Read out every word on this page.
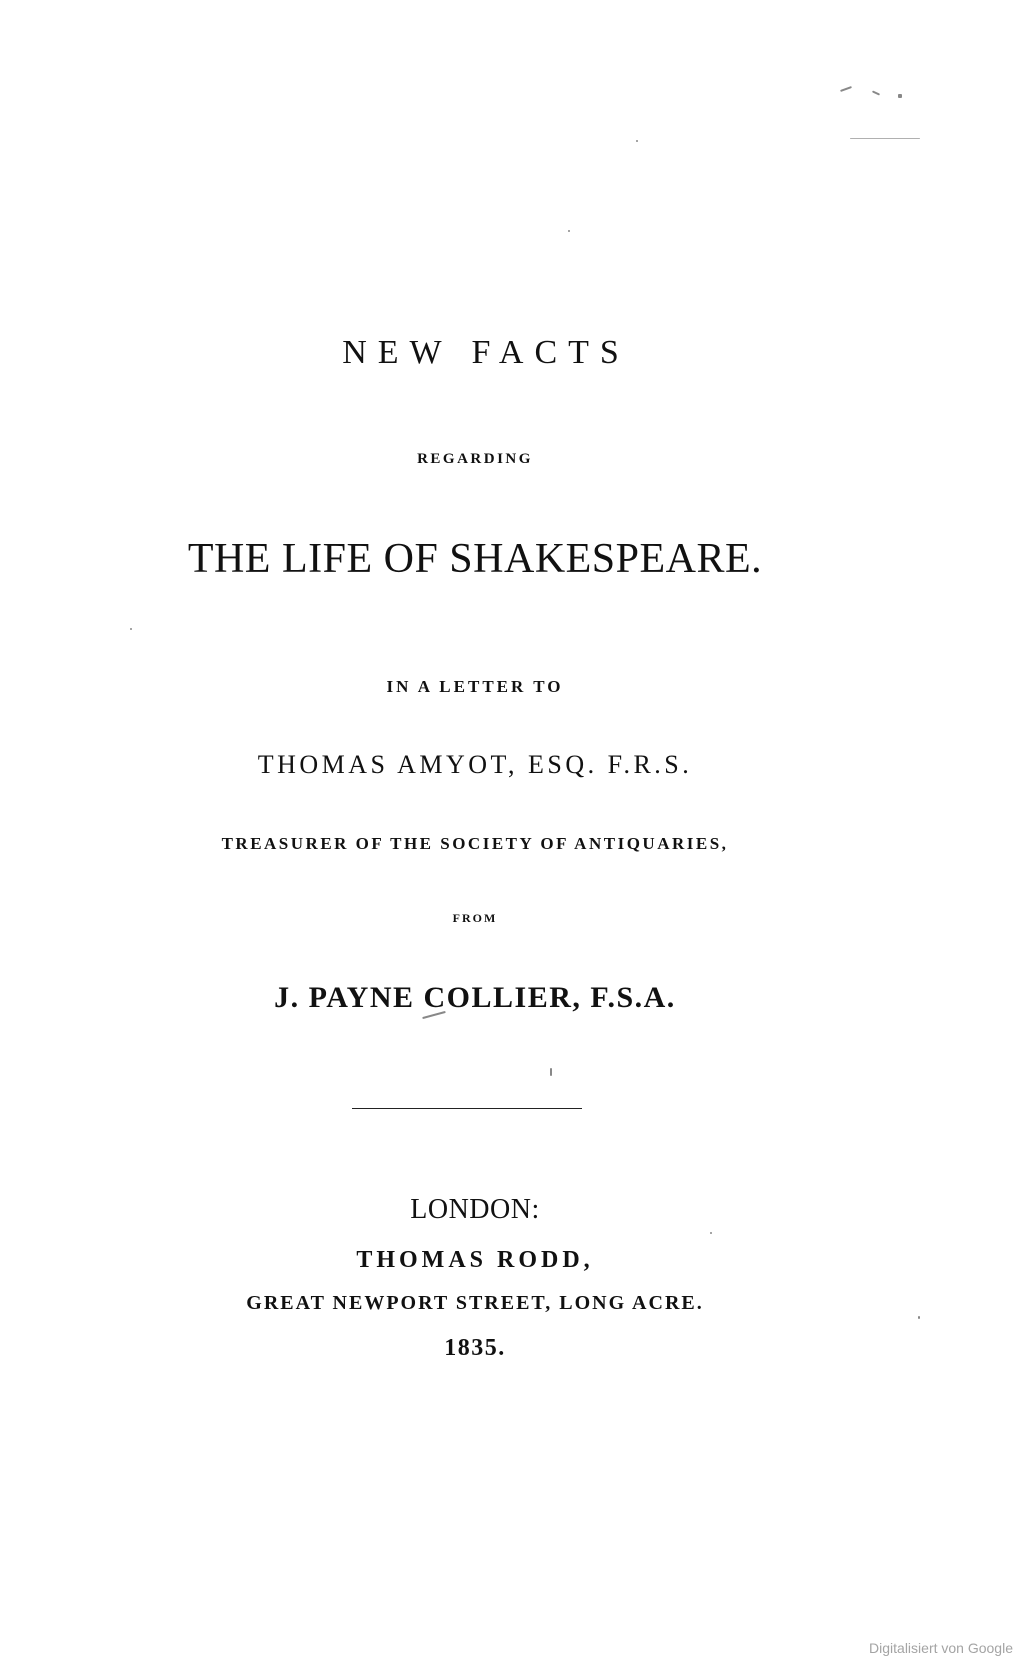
NEW FACTS
REGARDING
THE LIFE OF SHAKESPEARE.
IN A LETTER TO
THOMAS AMYOT, ESQ. F.R.S.
TREASURER OF THE SOCIETY OF ANTIQUARIES,
FROM
J. PAYNE COLLIER, F.S.A.
LONDON:
THOMAS RODD,
GREAT NEWPORT STREET, LONG ACRE.
1835.
Digitalisiert von Google
